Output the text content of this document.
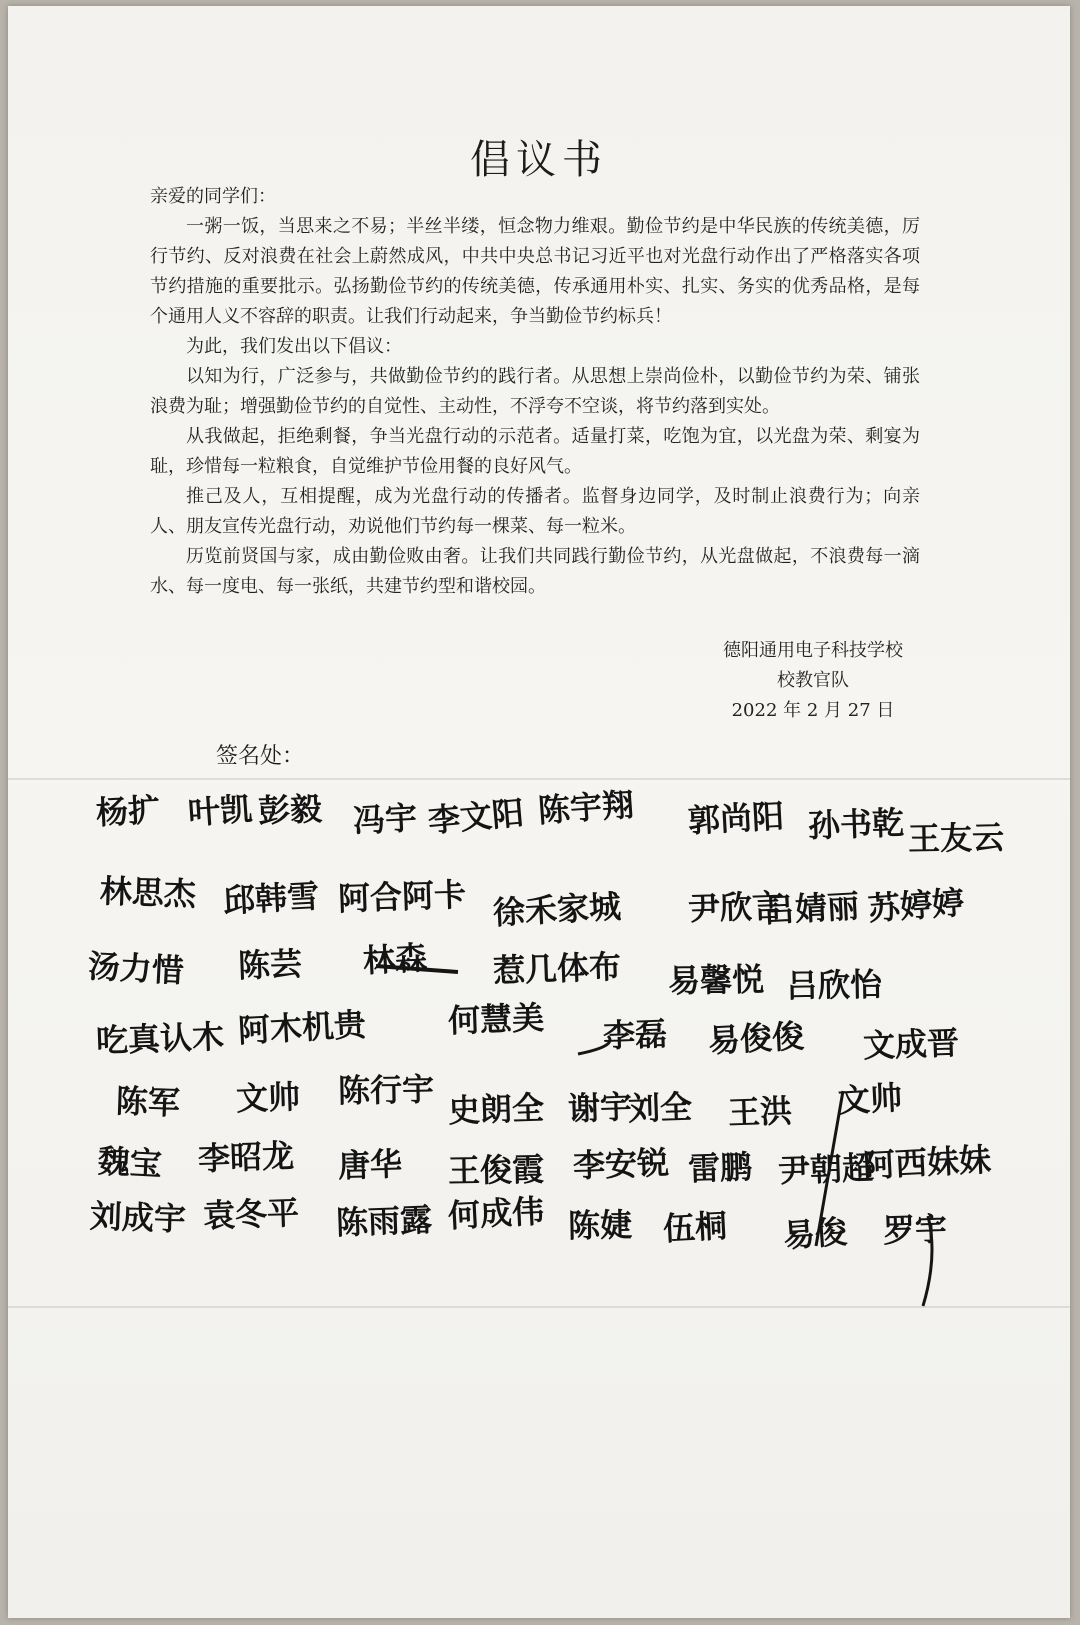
倡议书

亲爱的同学们：

一粥一饭，当思来之不易；半丝半缕，恒念物力维艰。勤俭节约是中华民族的传统美德，厉行节约、反对浪费在社会上蔚然成风，中共中央总书记习近平也对光盘行动作出了严格落实各项节约措施的重要批示。弘扬勤俭节约的传统美德，传承通用朴实、扎实、务实的优秀品格，是每个通用人义不容辞的职责。让我们行动起来，争当勤俭节约标兵！

为此，我们发出以下倡议：

以知为行，广泛参与，共做勤俭节约的践行者。从思想上崇尚俭朴，以勤俭节约为荣、铺张浪费为耻；增强勤俭节约的自觉性、主动性，不浮夸不空谈，将节约落到实处。

从我做起，拒绝剩餐，争当光盘行动的示范者。适量打菜，吃饱为宜，以光盘为荣、剩宴为耻，珍惜每一粒粮食，自觉维护节俭用餐的良好风气。

推己及人，互相提醒，成为光盘行动的传播者。监督身边同学，及时制止浪费行为；向亲人、朋友宣传光盘行动，劝说他们节约每一棵菜、每一粒米。

历览前贤国与家，成由勤俭败由奢。让我们共同践行勤俭节约，从光盘做起，不浪费每一滴水、每一度电、每一张纸，共建节约型和谐校园。

德阳通用电子科技学校
校教官队
2022 年 2 月 27 日
签名处：
杨扩 叶凯 彭毅 冯宇 李文阳 陈宇翔 郭尚阳 孙书乾 王友云
林思杰 邱韩雪 阿合阿卡 徐禾家城 尹欣言
吕婧丽 苏婷婷
汤力惜 陈芸 林森 惹几体布 易馨悦 吕欣怡
吃真认木 阿木机贵	何慧美 李磊 易俊俊 文成晋
陈军 文帅 陈行宇 史朗全 谢宇
刘全 王洪 文帅
魏宝 李昭龙 唐华 王俊霞 李安锐 雷鹏 尹朝超
阿西妹妹
刘成宇 袁冬平 陈雨露 何成伟 陈婕 伍桐 易俊 罗宇
